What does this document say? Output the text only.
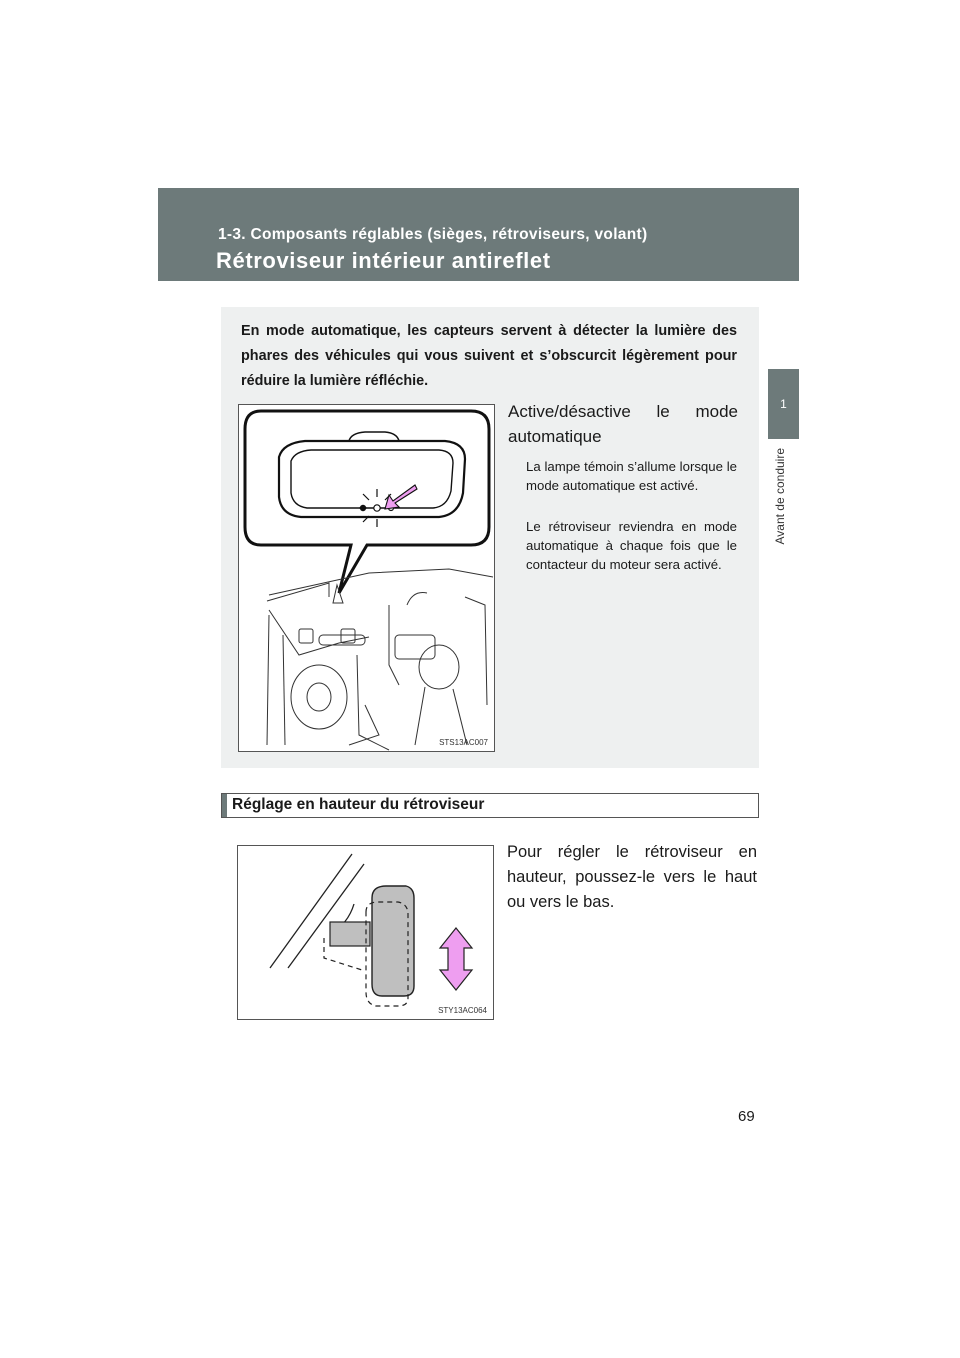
1-3. Composants réglables (sièges, rétroviseurs, volant)
Rétroviseur intérieur antireflet
1
Avant de conduire
En mode automatique, les capteurs servent à détecter la lumière des phares des véhicules qui vous suivent et s’obscurcit légèrement pour réduire la lumière réfléchie.
STS13AC007
Active/désactive le mode automatique
La lampe témoin s’allume lorsque le mode automatique est activé.
Le rétroviseur reviendra en mode automatique à chaque fois que le contacteur du moteur sera activé.
Réglage en hauteur du rétroviseur
STY13AC064
Pour régler le rétroviseur en hauteur, poussez-le vers le haut ou vers le bas.
69
